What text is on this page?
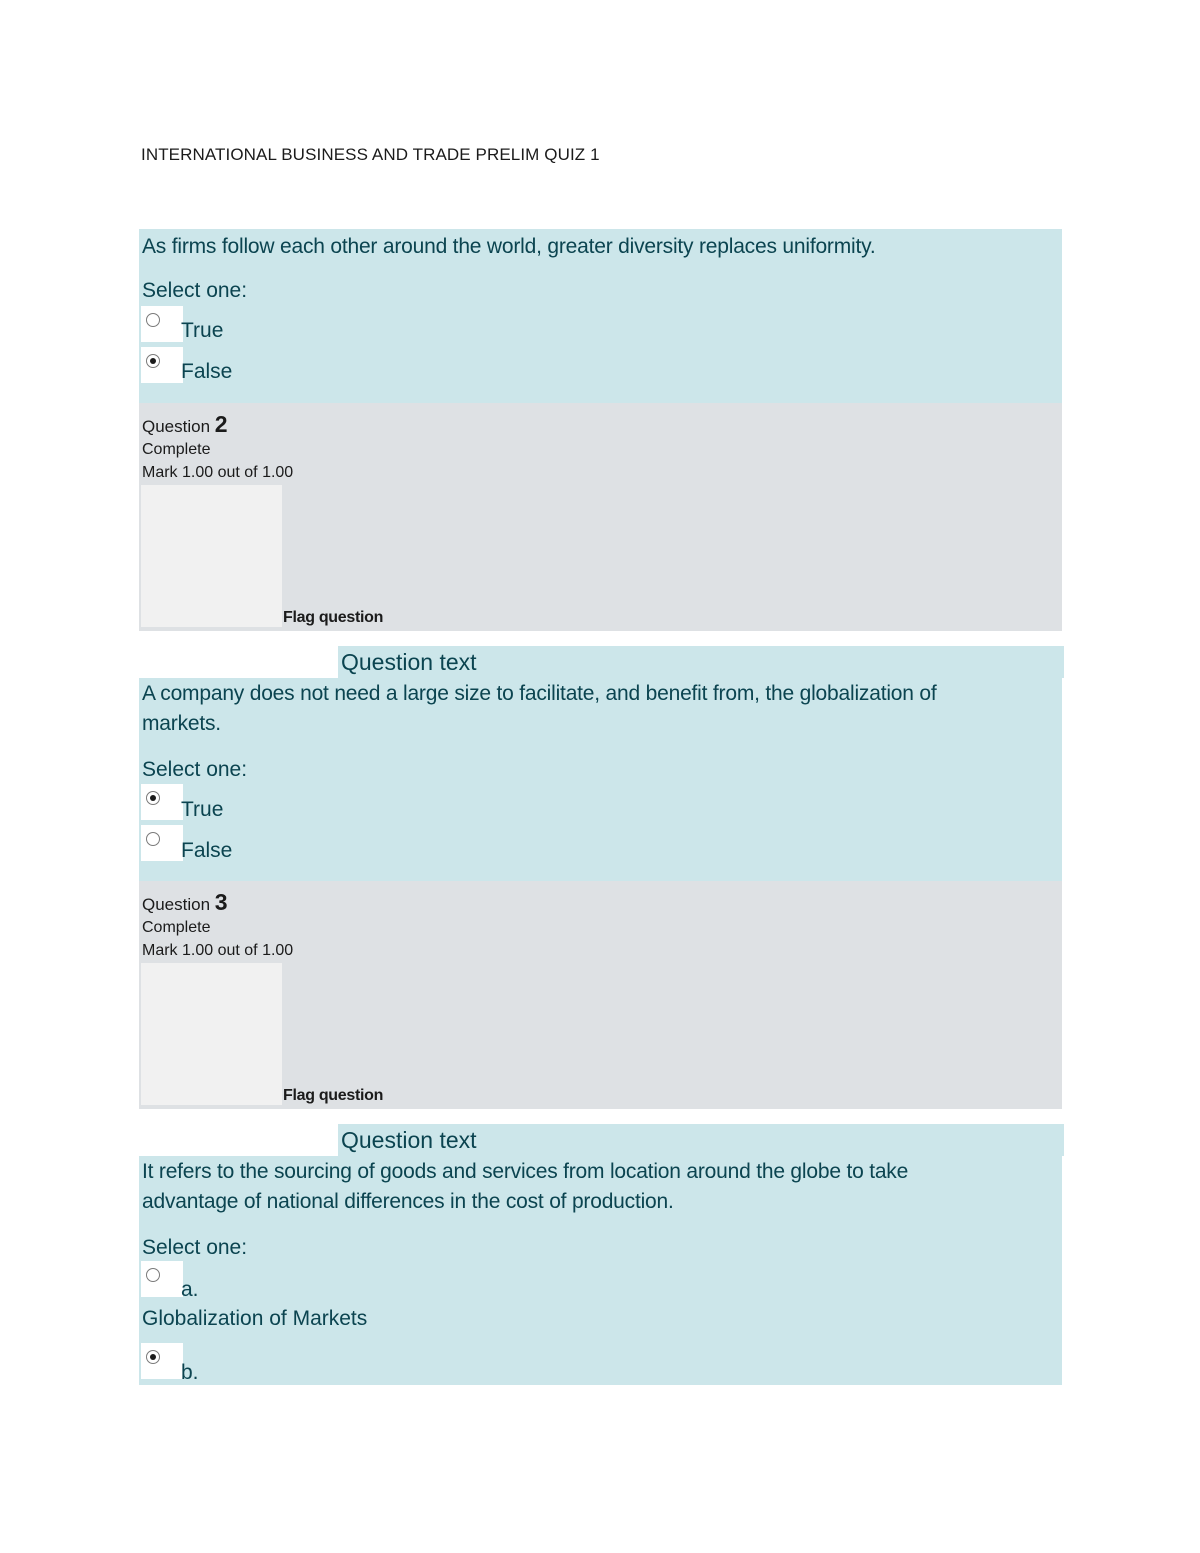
INTERNATIONAL BUSINESS AND TRADE PRELIM QUIZ 1
As firms follow each other around the world, greater diversity replaces uniformity.
Select one:
True
False
Question 2
Complete
Mark 1.00 out of 1.00
Flag question
Question text
A company does not need a large size to facilitate, and benefit from, the globalization of
markets.
Select one:
True
False
Question 3
Complete
Mark 1.00 out of 1.00
Flag question
Question text
It refers to the sourcing of goods and services from location around the globe to take
advantage of national differences in the cost of production.
Select one:
a.
Globalization of Markets
b.
